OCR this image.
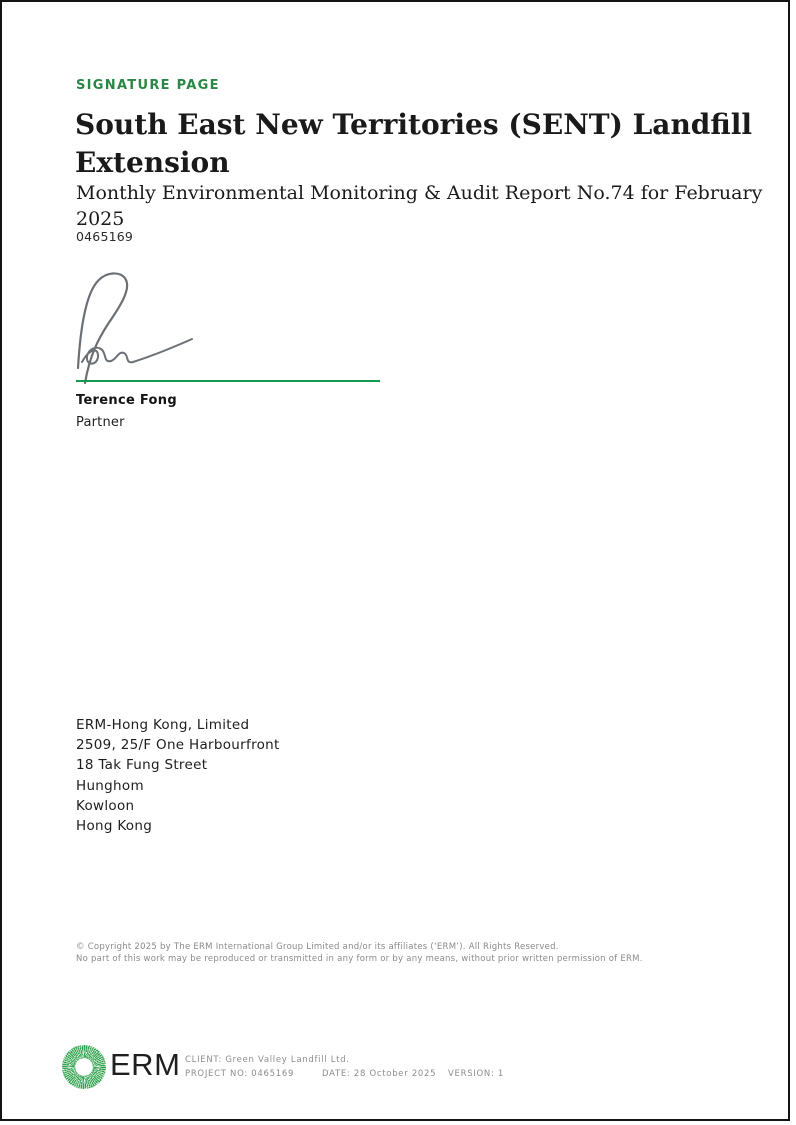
SIGNATURE PAGE
South East New Territories (SENT) Landfill
Extension
Monthly Environmental Monitoring & Audit Report No.74 for February
2025
0465169
Terence Fong
Partner
ERM-Hong Kong, Limited
2509, 25/F One Harbourfront
18 Tak Fung Street
Hunghom
Kowloon
Hong Kong
© Copyright 2025 by The ERM International Group Limited and/or its affiliates (‘ERM’). All Rights Reserved.
No part of this work may be reproduced or transmitted in any form or by any means, without prior written permission of ERM.
ERM CLIENT: Green Valley Landfill Ltd.
PROJECT NO: 0465169	DATE: 28 October 2025 VERSION: 1
